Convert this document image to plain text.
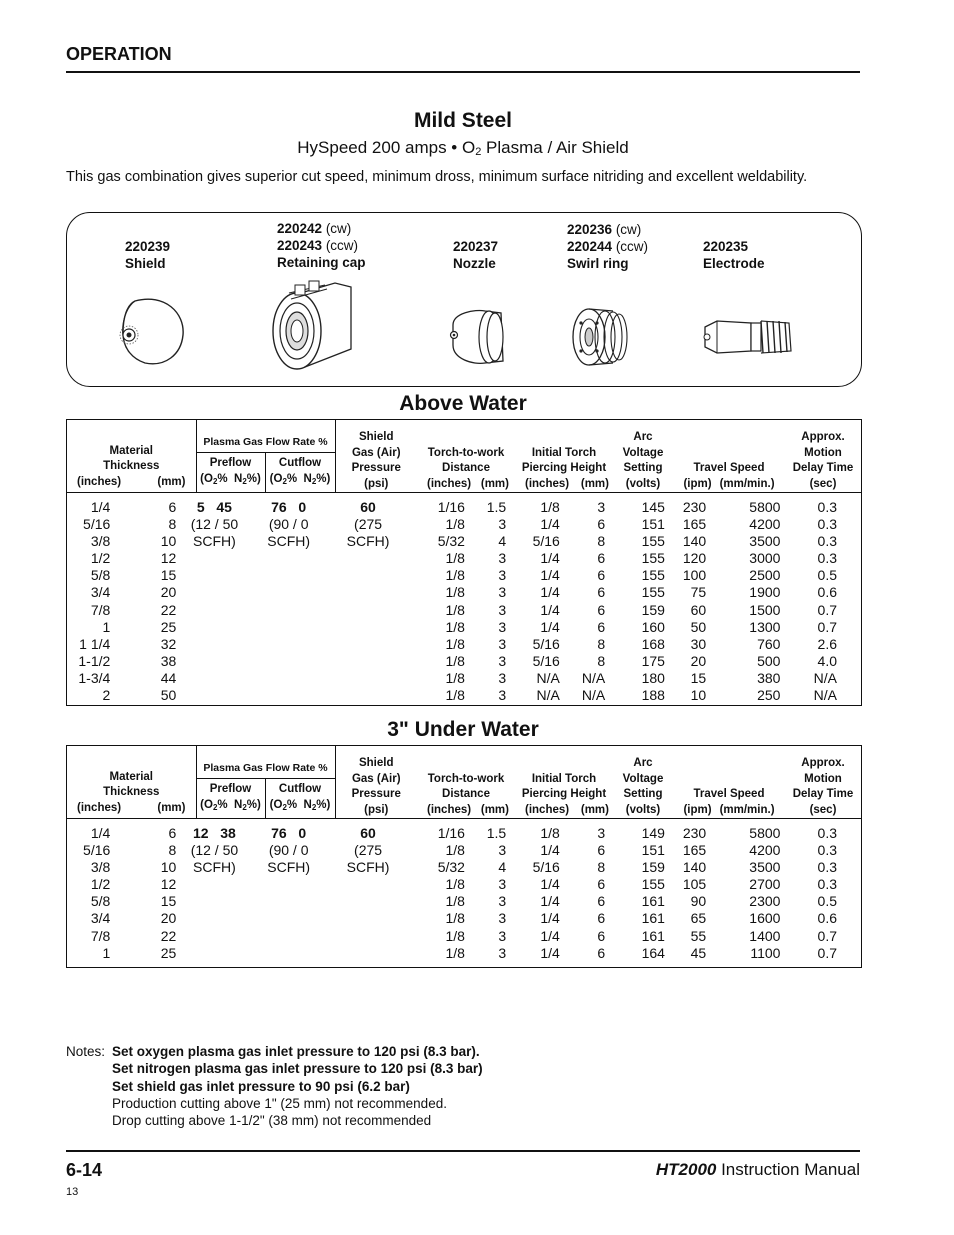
OPERATION
Mild Steel
HySpeed 200 amps • O2 Plasma / Air Shield
This gas combination gives superior cut speed, minimum dross, minimum surface nitriding and excellent weldability.
220239
Shield
220242 (cw)
220243 (ccw)
Retaining cap
220237
Nozzle
220236 (cw)
220244 (ccw)
Swirl ring
220235
Electrode
Above Water
Material
Thickness
(inches)	(mm)

Plasma Gas Flow Rate %
Preflow
($O_2\%$  $N_2\%$)
Cutflow
($O_2\%$  $N_2\%$)
	Shield
Gas (Air)
Pressure
(psi)	Torch-to-work
Distance
(inches) (mm)
	Initial Torch
Piercing Height
(inches) (mm)
	Arc
Voltage
Setting
(volts)	Travel Speed
(ipm) (mm/min.)
	Approx.
Motion
Delay Time
(sec)
1/4	6	5   45	76   0	60	1/16	1.5	1/8	3	145	230	5800	0.3
5/16	8	(12 / 50	(90 / 0	(275	1/8	3	1/4	6	151	165	4200	0.3
3/8	10	SCFH)	SCFH)	SCFH)	5/32	4	5/16	8	155	140	3500	0.3
1/2	12				1/8	3	1/4	6	155	120	3000	0.3
5/8	15				1/8	3	1/4	6	155	100	2500	0.5
3/4	20				1/8	3	1/4	6	155	75	1900	0.6
7/8	22				1/8	3	1/4	6	159	60	1500	0.7
1	25				1/8	3	1/4	6	160	50	1300	0.7
1 1/4	32				1/8	3	5/16	8	168	30	760	2.6
1-1/2	38				1/8	3	5/16	8	175	20	500	4.0
1-3/4	44				1/8	3	N/A	N/A	180	15	380	N/A
2	50				1/8	3	N/A	N/A	188	10	250	N/A
3" Under Water
Material
Thickness
(inches)	(mm)

Plasma Gas Flow Rate %
Preflow
($O_2\%$  $N_2\%$)
Cutflow
($O_2\%$  $N_2\%$)
	Shield
Gas (Air)
Pressure
(psi)	Torch-to-work
Distance
(inches) (mm)
	Initial Torch
Piercing Height
(inches) (mm)
	Arc
Voltage
Setting
(volts)	Travel Speed
(ipm) (mm/min.)
	Approx.
Motion
Delay Time
(sec)
1/4	6	12   38	76   0	60	1/16	1.5	1/8	3	149	230	5800	0.3
5/16	8	(12 / 50	(90 / 0	(275	1/8	3	1/4	6	151	165	4200	0.3
3/8	10	SCFH)	SCFH)	SCFH)	5/32	4	5/16	8	159	140	3500	0.3
1/2	12				1/8	3	1/4	6	155	105	2700	0.3
5/8	15				1/8	3	1/4	6	161	90	2300	0.5
3/4	20				1/8	3	1/4	6	161	65	1600	0.6
7/8	22				1/8	3	1/4	6	161	55	1400	0.7
1	25				1/8	3	1/4	6	164	45	1100	0.7
Notes: Set oxygen plasma gas inlet pressure to 120 psi (8.3 bar).
Set nitrogen plasma gas inlet pressure to 120 psi (8.3 bar)
Set shield gas inlet pressure to 90 psi (6.2 bar)
Production cutting above 1" (25 mm) not recommended.
Drop cutting above 1-1/2" (38 mm) not recommended
6-14	HT2000 Instruction Manual
13
